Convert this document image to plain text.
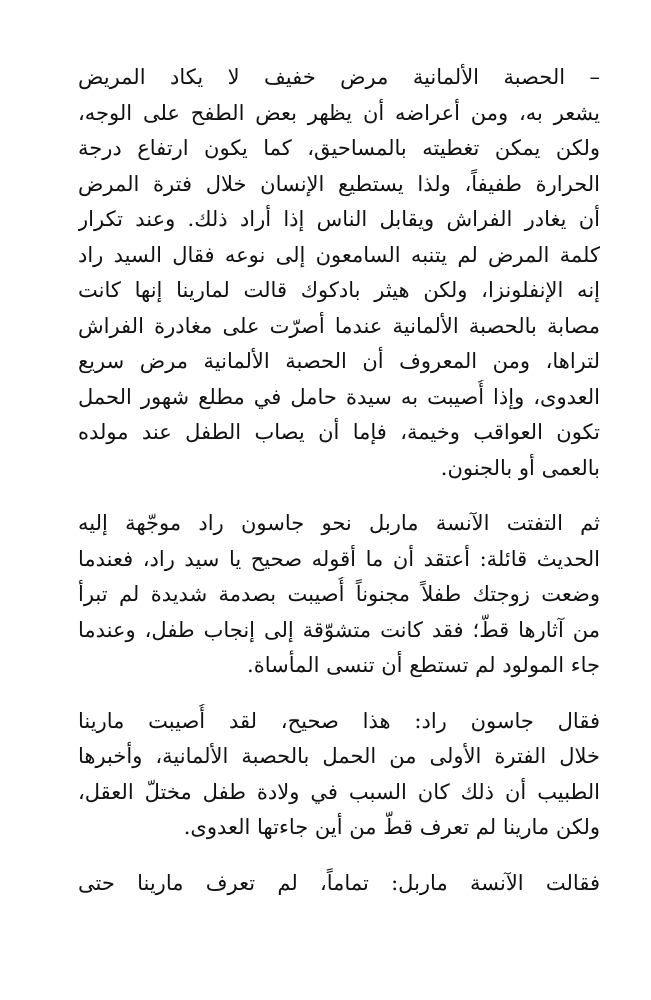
– الحصبة الألمانية مرض خفيف لا يكاد المريض
يشعر به، ومن أعراضه أن يظهر بعض الطفح على الوجه،
ولكن يمكن تغطيته بالمساحيق، كما يكون ارتفاع درجة
الحرارة طفيفاً، ولذا يستطيع الإنسان خلال فترة المرض
أن يغادر الفراش ويقابل الناس إذا أراد ذلك. وعند تكرار
كلمة المرض لم يتنبه السامعون إلى نوعه فقال السيد راد
إنه الإنفلونزا، ولكن هيثر بادكوك قالت لمارينا إنها كانت
مصابة بالحصبة الألمانية عندما أصرّت على مغادرة الفراش
لتراها، ومن المعروف أن الحصبة الألمانية مرض سريع
العدوى، وإذا أُصيبت به سيدة حامل في مطلع شهور الحمل
تكون العواقب وخيمة، فإما أن يصاب الطفل عند مولده
بالعمى أو بالجنون.
ثم التفتت الآنسة ماربل نحو جاسون راد موجّهة إليه
الحديث قائلة: أعتقد أن ما أقوله صحيح يا سيد راد، فعندما
وضعت زوجتك طفلاً مجنوناً أُصيبت بصدمة شديدة لم تبرأ
من آثارها قطّ؛ فقد كانت متشوّقة إلى إنجاب طفل، وعندما
جاء المولود لم تستطع أن تنسى المأساة.
فقال جاسون راد: هذا صحيح، لقد أُصيبت مارينا
خلال الفترة الأولى من الحمل بالحصبة الألمانية، وأخبرها
الطبيب أن ذلك كان السبب في ولادة طفل مختلّ العقل،
ولكن مارينا لم تعرف قطّ من أين جاءتها العدوى.
فقالت الآنسة ماربل: تماماً، لم تعرف مارينا حتى
